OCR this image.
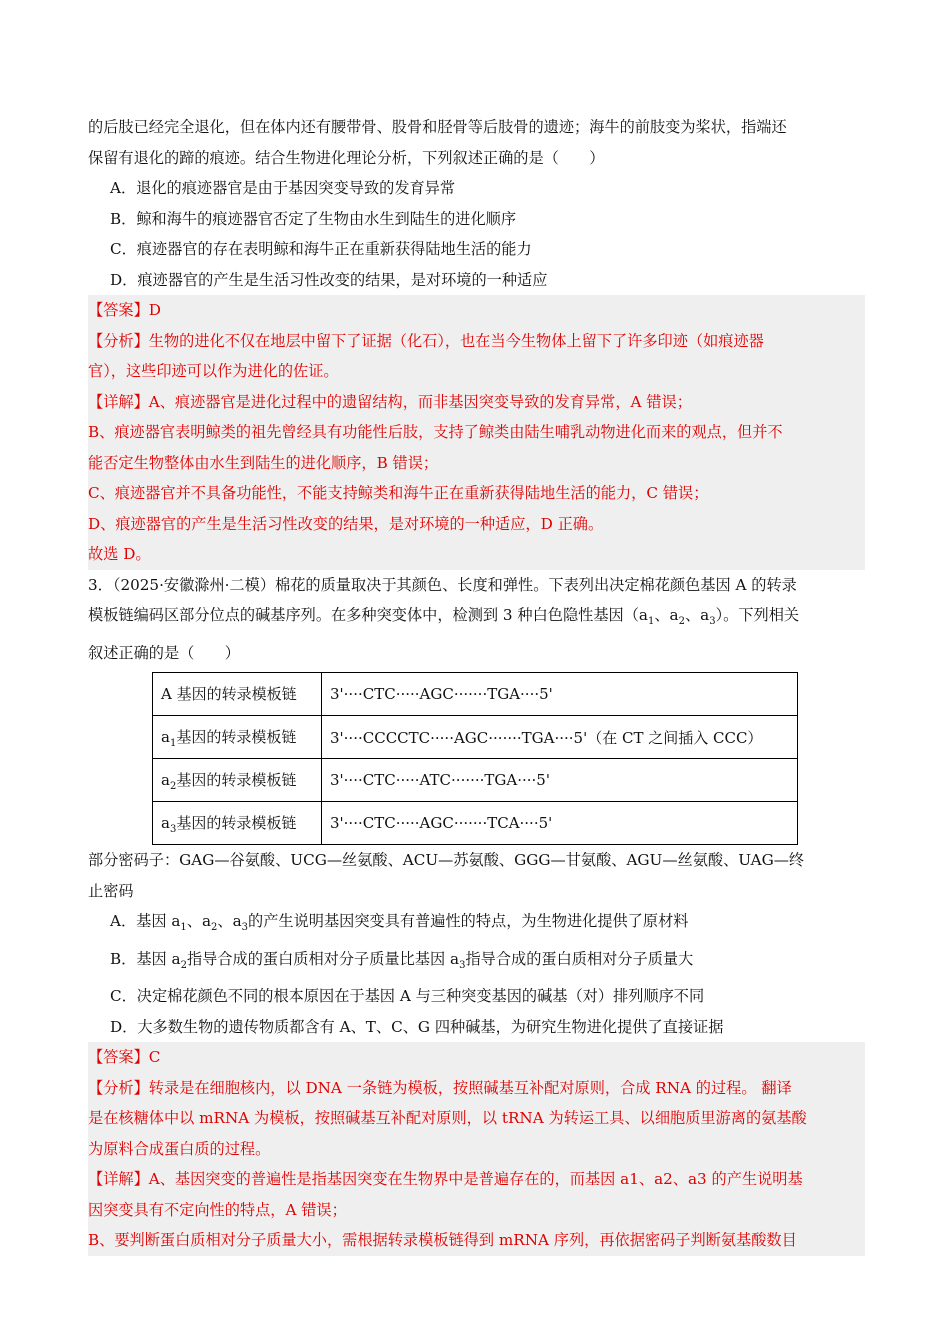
的后肢已经完全退化，但在体内还有腰带骨、股骨和胫骨等后肢骨的遗迹；海牛的前肢变为桨状，指端还

保留有退化的蹄的痕迹。结合生物进化理论分析，下列叙述正确的是（　　）

A．退化的痕迹器官是由于基因突变导致的发育异常

B．鲸和海牛的痕迹器官否定了生物由水生到陆生的进化顺序

C．痕迹器官的存在表明鲸和海牛正在重新获得陆地生活的能力

D．痕迹器官的产生是生活习性改变的结果，是对环境的一种适应

【答案】D

【分析】生物的进化不仅在地层中留下了证据（化石），也在当今生物体上留下了许多印迹（如痕迹器

官），这些印迹可以作为进化的佐证。

【详解】A、痕迹器官是进化过程中的遗留结构，而非基因突变导致的发育异常，A 错误；

B、痕迹器官表明鲸类的祖先曾经具有功能性后肢，支持了鲸类由陆生哺乳动物进化而来的观点，但并不

能否定生物整体由水生到陆生的进化顺序，B 错误；

C、痕迹器官并不具备功能性，不能支持鲸类和海牛正在重新获得陆地生活的能力，C 错误；

D、痕迹器官的产生是生活习性改变的结果，是对环境的一种适应，D 正确。

故选 D。

3．（2025·安徽滁州·二模）棉花的质量取决于其颜色、长度和弹性。下表列出决定棉花颜色基因 A 的转录

模板链编码区部分位点的碱基序列。在多种突变体中，检测到 3 种白色隐性基因（$a_1$、$a_2$、$a_3$）。下列相关

叙述正确的是（　　）

A 基因的转录模板链	3'····CTC·····AGC·······TGA····5'
$a_1$基因的转录模板链	3'····CCCCTC·····AGC·······TGA····5'（在 CT 之间插入 CCC）
$a_2$基因的转录模板链	3'····CTC·····ATC·······TGA····5'
$a_3$基因的转录模板链	3'····CTC·····AGC·······TCA····5'

部分密码子：GAG—谷氨酸、UCG—丝氨酸、ACU—苏氨酸、GGG—甘氨酸、AGU—丝氨酸、UAG—终

止密码

A．基因 $a_1$、$a_2$、$a_3$的产生说明基因突变具有普遍性的特点，为生物进化提供了原材料

B．基因 $a_2$指导合成的蛋白质相对分子质量比基因 $a_3$指导合成的蛋白质相对分子质量大

C．决定棉花颜色不同的根本原因在于基因 A 与三种突变基因的碱基（对）排列顺序不同

D．大多数生物的遗传物质都含有 A、T、C、G 四种碱基，为研究生物进化提供了直接证据

【答案】C

【分析】转录是在细胞核内，以 DNA 一条链为模板，按照碱基互补配对原则，合成 RNA 的过程。 翻译

是在核糖体中以 mRNA 为模板，按照碱基互补配对原则，以 tRNA 为转运工具、以细胞质里游离的氨基酸

为原料合成蛋白质的过程。

【详解】A、基因突变的普遍性是指基因突变在生物界中是普遍存在的，而基因 a1、a2、a3 的产生说明基

因突变具有不定向性的特点，A 错误；

B、要判断蛋白质相对分子质量大小，需根据转录模板链得到 mRNA 序列，再依据密码子判断氨基酸数目
